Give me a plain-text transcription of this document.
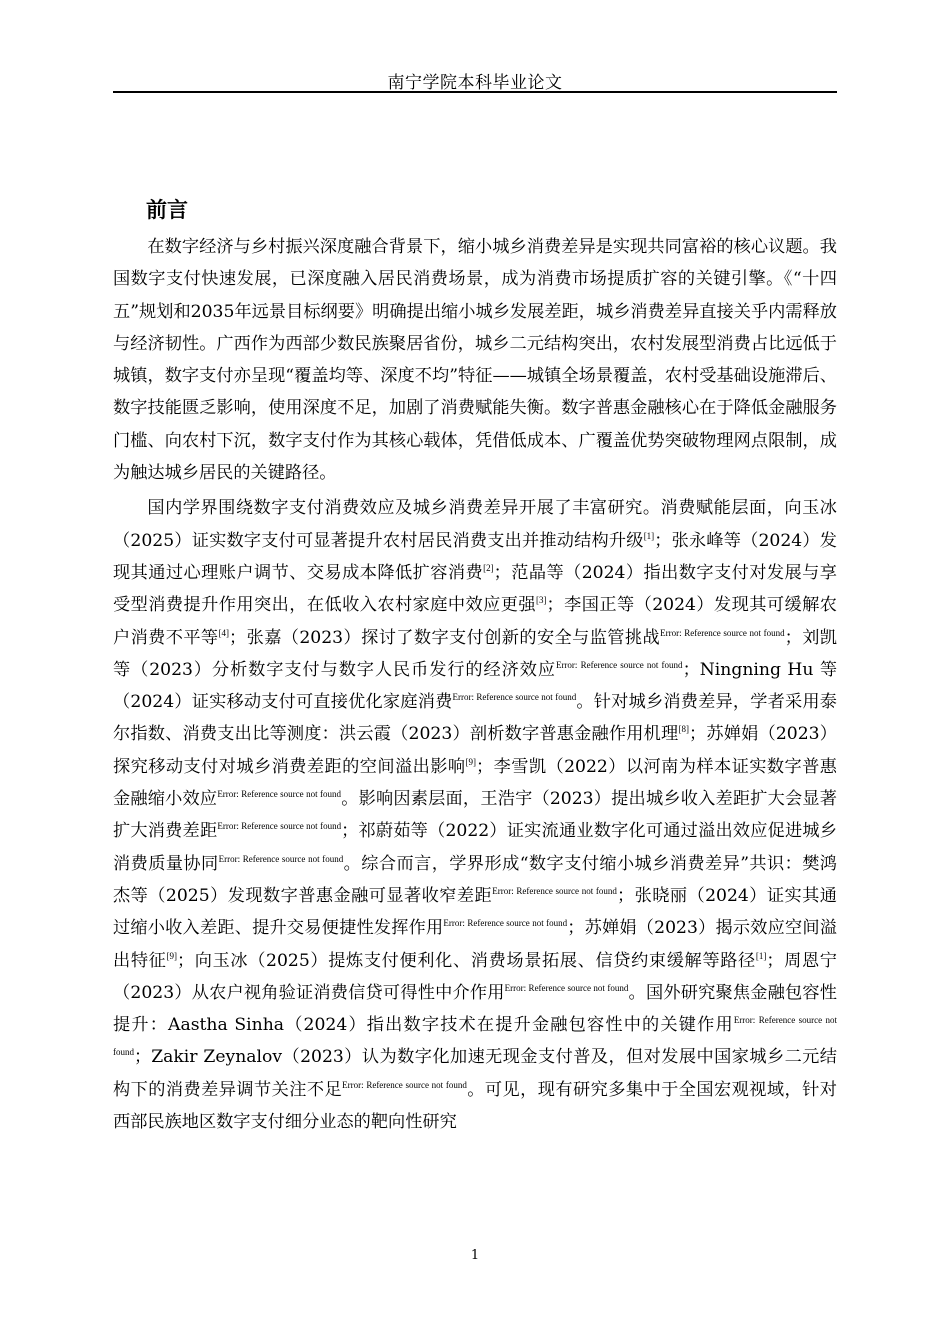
南宁学院本科毕业论文
前言

在数字经济与乡村振兴深度融合背景下，缩小城乡消费差异是实现共同富裕的核心议题。我国数字支付快速发展，已深度融入居民消费场景，成为消费市场提质扩容的关键引擎。《“十四五”规划和2035年远景目标纲要》明确提出缩小城乡发展差距，城乡消费差异直接关乎内需释放与经济韧性。广西作为西部少数民族聚居省份，城乡二元结构突出，农村发展型消费占比远低于城镇，数字支付亦呈现“覆盖均等、深度不均”特征——城镇全场景覆盖，农村受基础设施滞后、数字技能匮乏影响，使用深度不足，加剧了消费赋能失衡。数字普惠金融核心在于降低金融服务门槛、向农村下沉，数字支付作为其核心载体，凭借低成本、广覆盖优势突破物理网点限制，成为触达城乡居民的关键路径。

国内学界围绕数字支付消费效应及城乡消费差异开展了丰富研究。消费赋能层面，向玉冰（2025）证实数字支付可显著提升农村居民消费支出并推动结构升级[1]；张永峰等（2024）发现其通过心理账户调节、交易成本降低扩容消费[2]；范晶等（2024）指出数字支付对发展与享受型消费提升作用突出，在低收入农村家庭中效应更强[3]；李国正等（2024）发现其可缓解农户消费不平等[4]；张嘉（2023）探讨了数字支付创新的安全与监管挑战$^{Error: Reference source not found}$；刘凯等（2023）分析数字支付与数字人民币发行的经济效应$^{Error: Reference source not found}$；Ningning Hu 等（2024）证实移动支付可直接优化家庭消费$^{Error: Reference source not found}$。针对城乡消费差异，学者采用泰尔指数、消费支出比等测度：洪云霞（2023）剖析数字普惠金融作用机理[8]；苏婵娟（2023）探究移动支付对城乡消费差距的空间溢出影响[9]；李雪凯（2022）以河南为样本证实数字普惠金融缩小效应$^{Error: Reference source not found}$。影响因素层面，王浩宇（2023）提出城乡收入差距扩大会显著扩大消费差距$^{Error: Reference source not found}$；祁蔚茹等（2022）证实流通业数字化可通过溢出效应促进城乡消费质量协同$^{Error: Reference source not found}$。综合而言，学界形成“数字支付缩小城乡消费差异”共识：樊鸿杰等（2025）发现数字普惠金融可显著收窄差距$^{Error: Reference source not found}$；张晓丽（2024）证实其通过缩小收入差距、提升交易便捷性发挥作用$^{Error: Reference source not found}$；苏婵娟（2023）揭示效应空间溢出特征[9]；向玉冰（2025）提炼支付便利化、消费场景拓展、信贷约束缓解等路径[1]；周恩宁（2023）从农户视角验证消费信贷可得性中介作用$^{Error: Reference source not found}$。国外研究聚焦金融包容性提升：Aastha Sinha（2024）指出数字技术在提升金融包容性中的关键作用$^{Error: Reference source not found}$；Zakir Zeynalov（2023）认为数字化加速无现金支付普及，但对发展中国家城乡二元结构下的消费差异调节关注不足$^{Error: Reference source not found}$。可见，现有研究多集中于全国宏观视域，针对西部民族地区数字支付细分业态的靶向性研究

1
